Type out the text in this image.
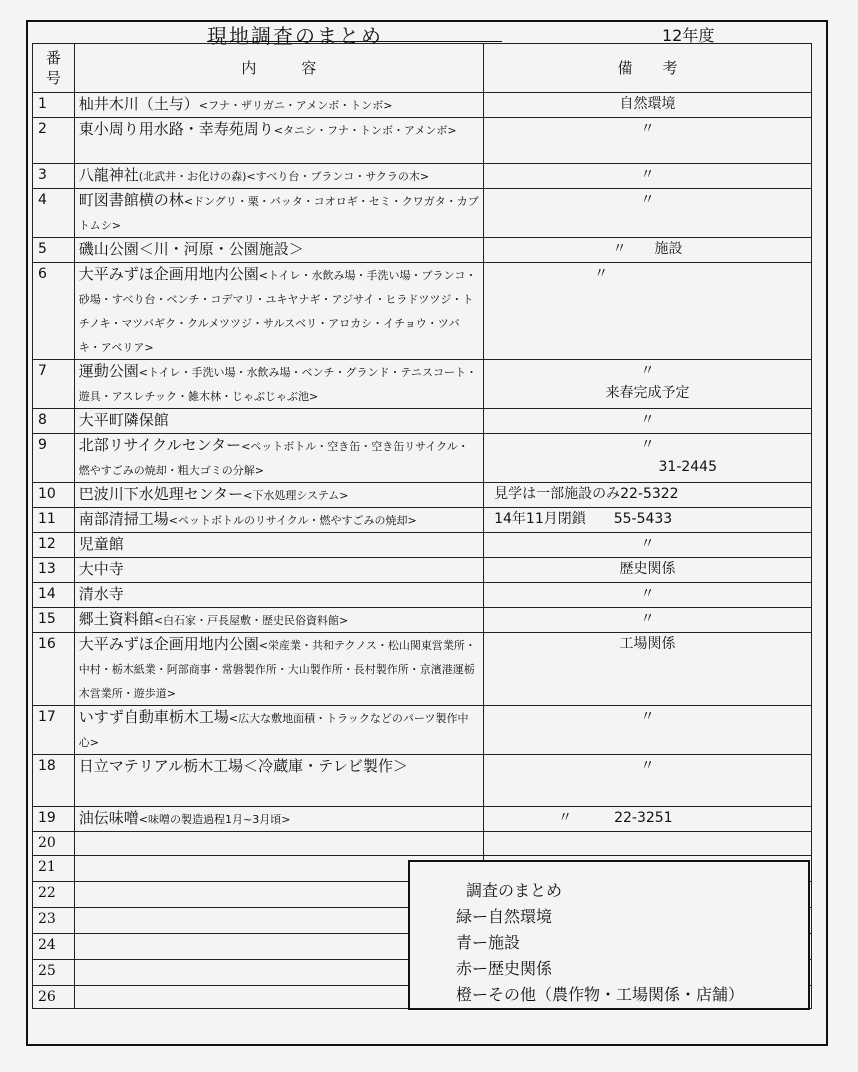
現地調査のまとめ	12年度
番
号	内　　　容	備　　考
1	杣井木川（土与）<フナ・ザリガニ・アメンボ・トンボ>	自然環境

2	東小周り用水路・幸寿苑周り<タニシ・フナ・トンボ・アメンボ>	〃

3	八龍神社(北武井・お化けの森)<すべり台・ブランコ・サクラの木>	〃

4	町図書館横の林<ドングリ・栗・バッタ・コオロギ・セミ・クワガタ・カブトムシ>	〃

5	磯山公園＜川・河原・公園施設＞	〃　　施設

6	大平みずほ企画用地内公園<トイレ・水飲み場・手洗い場・ブランコ・砂場・すべり台・ベンチ・コデマリ・ユキヤナギ・アジサイ・ヒラドツツジ・トチノキ・マツバギク・クルメツツジ・サルスベリ・アロカシ・イチョウ・ツバキ・アベリア>	〃

7	運動公園<トイレ・手洗い場・水飲み場・ベンチ・グランド・テニスコート・遊具・アスレチック・雑木林・じゃぶじゃぶ池>	〃
来春完成予定

8	大平町隣保館	〃

9	北部リサイクルセンター<ペットボトル・空き缶・空き缶リサイクル・燃やすごみの焼却・粗大ゴミの分解>	〃
31-2445

10	巴波川下水処理センター<下水処理システム>	見学は一部施設のみ22-5322

11	南部清掃工場<ペットボトルのリサイクル・燃やすごみの焼却>	14年11月閉鎖　　55-5433

12	児童館	〃

13	大中寺	歴史関係

14	清水寺	〃

15	郷土資料館<白石家・戸長屋敷・歴史民俗資料館>	〃

16	大平みずほ企画用地内公園<栄産業・共和テクノス・松山関東営業所・中村・栃木紙業・阿部商事・常磐製作所・大山製作所・長村製作所・京濱港運栃木営業所・遊歩道>	工場関係

17	いすず自動車栃木工場<広大な敷地面積・トラックなどのパーツ製作中心>	〃

18	日立マテリアル栃木工場＜冷蔵庫・テレビ製作＞	〃

19	油伝味噌<味噌の製造過程1月~3月頃>	〃　　　22-3251

20		

21		

22		

23		

24		

25		

26		
調査のまとめ
緑ー自然環境
青ー施設
赤ー歴史関係
橙ーその他（農作物・工場関係・店舗）
